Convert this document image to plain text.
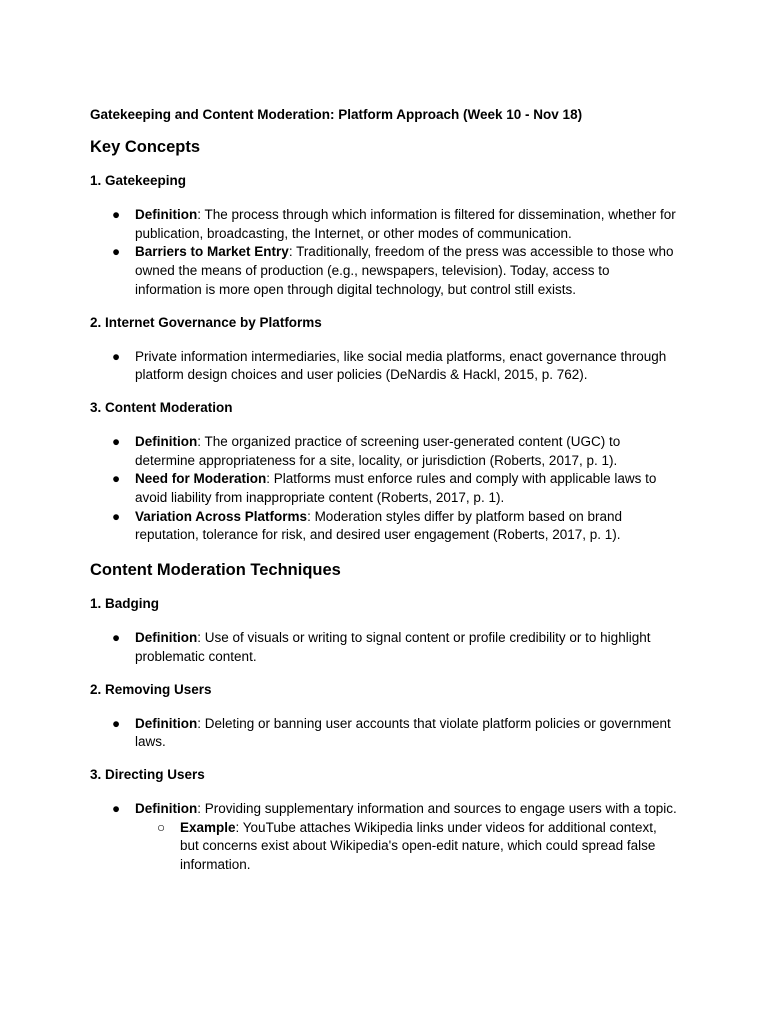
Gatekeeping and Content Moderation: Platform Approach (Week 10 - Nov 18)
Key Concepts
1. Gatekeeping
● Definition: The process through which information is filtered for dissemination, whether for publication, broadcasting, the Internet, or other modes of communication.
● Barriers to Market Entry: Traditionally, freedom of the press was accessible to those who owned the means of production (e.g., newspapers, television). Today, access to information is more open through digital technology, but control still exists.
2. Internet Governance by Platforms
● Private information intermediaries, like social media platforms, enact governance through platform design choices and user policies (DeNardis & Hackl, 2015, p. 762).
3. Content Moderation
● Definition: The organized practice of screening user-generated content (UGC) to determine appropriateness for a site, locality, or jurisdiction (Roberts, 2017, p. 1).
● Need for Moderation: Platforms must enforce rules and comply with applicable laws to avoid liability from inappropriate content (Roberts, 2017, p. 1).
● Variation Across Platforms: Moderation styles differ by platform based on brand reputation, tolerance for risk, and desired user engagement (Roberts, 2017, p. 1).
Content Moderation Techniques
1. Badging
● Definition: Use of visuals or writing to signal content or profile credibility or to highlight problematic content.
2. Removing Users
● Definition: Deleting or banning user accounts that violate platform policies or government laws.
3. Directing Users
● Definition: Providing supplementary information and sources to engage users with a topic.
○ Example: YouTube attaches Wikipedia links under videos for additional context, but concerns exist about Wikipedia's open-edit nature, which could spread false information.
